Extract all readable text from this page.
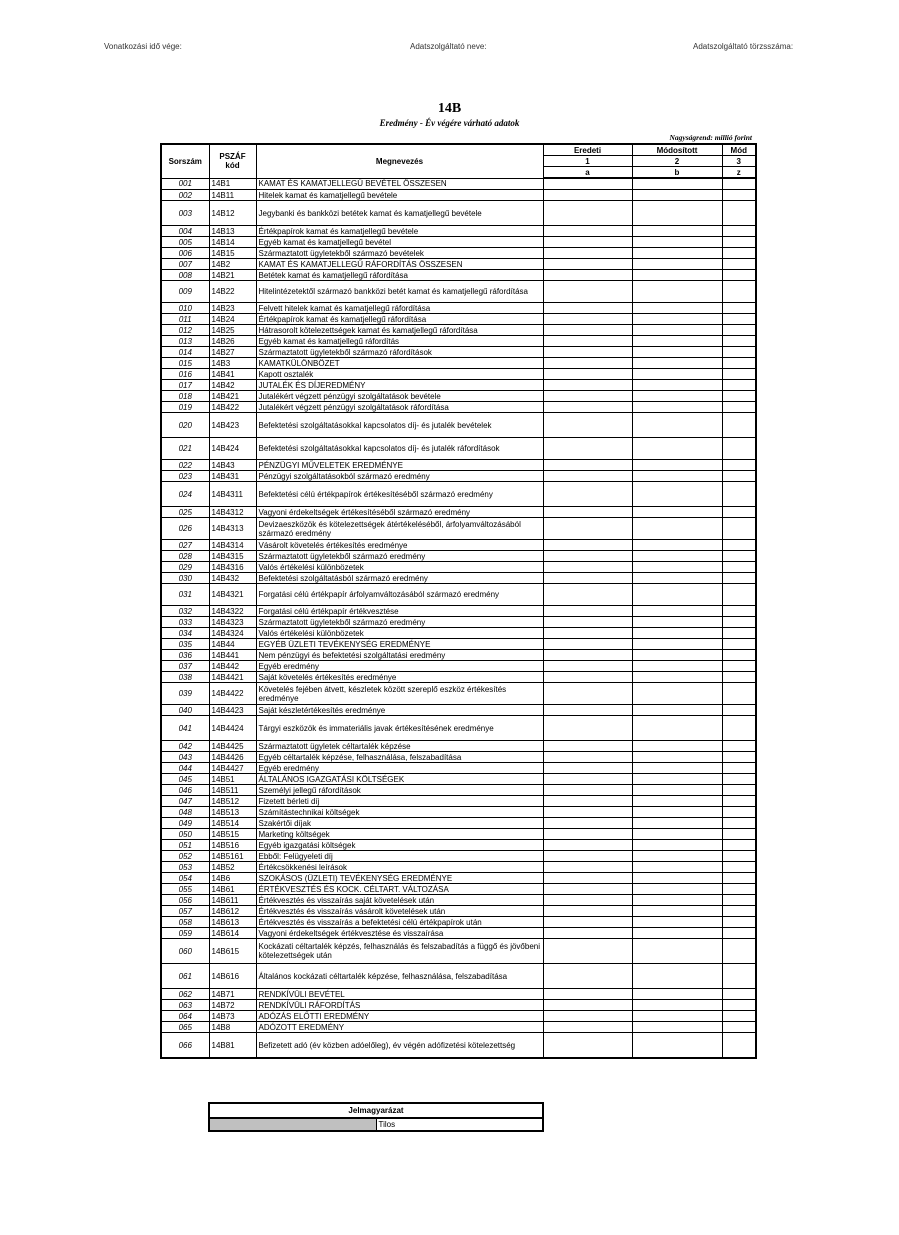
Vonatkozási idő vége:	Adatszolgáltató neve:	Adatszolgáltató törzsszáma:
14B
Eredmény - Év végére várható adatok
Nagyságrend: millió forint
Sorszám	PSZÁF kód	Megnevezés	Eredeti	Módosított	Mód
			1	2	3
			a	b	z
001	14B1	KAMAT ÉS KAMATJELLEGŰ BEVÉTEL ÖSSZESEN			
002	14B11	Hitelek kamat és kamatjellegű bevétele			
003	14B12	Jegybanki és bankközi betétek kamat és kamatjellegű bevétele			
004	14B13	Értékpapírok kamat és kamatjellegű bevétele			
005	14B14	Egyéb kamat és kamatjellegű bevétel			
006	14B15	Származtatott ügyletekből származó bevételek			
007	14B2	KAMAT ÉS KAMATJELLEGŰ RÁFORDÍTÁS ÖSSZESEN			
008	14B21	Betétek kamat és kamatjellegű ráfordítása			
009	14B22	Hitelintézetektől származó bankközi betét kamat és kamatjellegű ráfordítása			
010	14B23	Felvett hitelek kamat és kamatjellegű ráfordítása			
011	14B24	Értékpapírok kamat és kamatjellegű ráfordítása			
012	14B25	Hátrasorolt kötelezettségek kamat és kamatjellegű ráfordítása			
013	14B26	Egyéb kamat és kamatjellegű ráfordítás			
014	14B27	Származtatott ügyletekből származó ráfordítások			
015	14B3	KAMATKÜLÖNBÖZET			
016	14B41	Kapott osztalék			
017	14B42	JUTALÉK ÉS DÍJEREDMÉNY			
018	14B421	Jutalékért végzett pénzügyi szolgáltatások bevétele			
019	14B422	Jutalékért végzett pénzügyi szolgáltatások ráfordítása			
020	14B423	Befektetési szolgáltatásokkal kapcsolatos díj- és jutalék bevételek			
021	14B424	Befektetési szolgáltatásokkal kapcsolatos díj- és jutalék ráfordítások			
022	14B43	PÉNZÜGYI MŰVELETEK EREDMÉNYE			
023	14B431	Pénzügyi szolgáltatásokból származó eredmény			
024	14B4311	Befektetési célú értékpapírok értékesítéséből származó eredmény			
025	14B4312	Vagyoni érdekeltségek értékesítéséből származó eredmény			
026	14B4313	Devizaeszközök és kötelezettségek átértékeléséből, árfolyamváltozásából származó eredmény			
027	14B4314	Vásárolt követelés értékesítés eredménye			
028	14B4315	Származtatott ügyletekből származó eredmény			
029	14B4316	Valós értékelési különbözetek			
030	14B432	Befektetési szolgáltatásból származó eredmény			
031	14B4321	Forgatási célú értékpapír árfolyamváltozásából származó eredmény			
032	14B4322	Forgatási célú értékpapír értékvesztése			
033	14B4323	Származtatott ügyletekből származó eredmény			
034	14B4324	Valós értékelési különbözetek			
035	14B44	EGYÉB ÜZLETI TEVÉKENYSÉG EREDMÉNYE			
036	14B441	Nem pénzügyi és befektetési szolgáltatási eredmény			
037	14B442	Egyéb eredmény			
038	14B4421	Saját követelés értékesítés eredménye			
039	14B4422	Követelés fejében átvett, készletek között szereplő eszköz értékesítés eredménye			
040	14B4423	Saját készletértékesítés eredménye			
041	14B4424	Tárgyi eszközök és immateriális javak értékesítésének eredménye			
042	14B4425	Származtatott ügyletek céltartalék képzése			
043	14B4426	Egyéb céltartalék képzése, felhasználása, felszabadítása			
044	14B4427	Egyéb eredmény			
045	14B51	ÁLTALÁNOS IGAZGATÁSI KÖLTSÉGEK			
046	14B511	Személyi jellegű ráfordítások			
047	14B512	Fizetett bérleti díj			
048	14B513	Számítástechnikai költségek			
049	14B514	Szakértői díjak			
050	14B515	Marketing költségek			
051	14B516	Egyéb igazgatási költségek			
052	14B5161	Ebből: Felügyeleti díj			
053	14B52	Értékcsökkenési leírások			
054	14B6	SZOKÁSOS (ÜZLETI) TEVÉKENYSÉG EREDMÉNYE			
055	14B61	ÉRTÉKVESZTÉS ÉS KOCK. CÉLTART. VÁLTOZÁSA			
056	14B611	Értékvesztés és visszaírás saját követelések után			
057	14B612	Értékvesztés és visszaírás vásárolt követelések után			
058	14B613	Értékvesztés és visszaírás a befektetési célú értékpapírok után			
059	14B614	Vagyoni érdekeltségek értékvesztése és visszaírása			
060	14B615	Kockázati céltartalék képzés, felhasználás és felszabadítás a függő és jövőbeni kötelezettségek után			
061	14B616	Általános kockázati céltartalék képzése, felhasználása, felszabadítása			
062	14B71	RENDKÍVÜLI BEVÉTEL			
063	14B72	RENDKÍVÜLI RÁFORDÍTÁS			
064	14B73	ADÓZÁS ELŐTTI EREDMÉNY			
065	14B8	ADÓZOTT EREDMÉNY			
066	14B81	Befizetett adó (év közben adóelőleg), év végén adófizetési kötelezettség			
Jelmagyarázat
	Tilos
